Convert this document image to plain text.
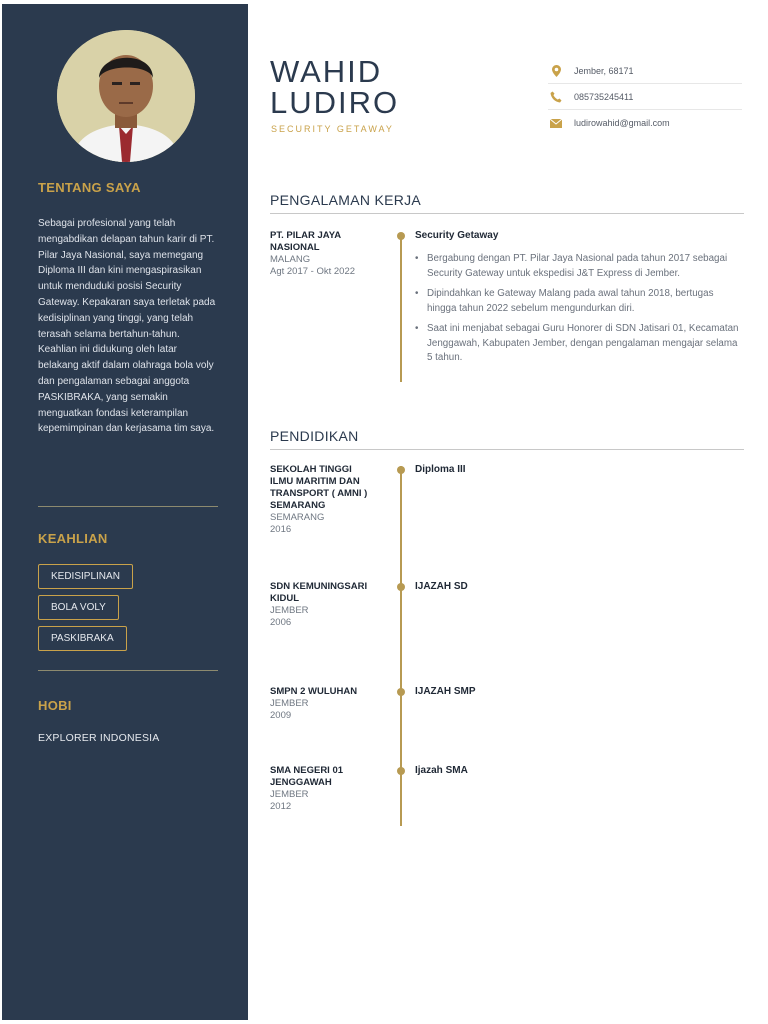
TENTANG SAYA

Sebagai profesional yang telah mengabdikan delapan tahun karir di PT. Pilar Jaya Nasional, saya memegang Diploma III dan kini mengaspirasikan untuk menduduki posisi Security Gateway. Kepakaran saya terletak pada kedisiplinan yang tinggi, yang telah terasah selama bertahun-tahun. Keahlian ini didukung oleh latar belakang aktif dalam olahraga bola voly dan pengalaman sebagai anggota PASKIBRAKA, yang semakin menguatkan fondasi keterampilan kepemimpinan dan kerjasama tim saya.

KEAHLIAN
KEDISIPLINAN
BOLA VOLY
PASKIBRAKA
HOBI
EXPLORER INDONESIA
WAHID
LUDIRO
SECURITY GETAWAY
Jember, 68171
085735245411
ludirowahid@gmail.com
PENGALAMAN KERJA
PT. PILAR JAYA NASIONAL
MALANG
Agt 2017 - Okt 2022
Security Getaway
• Bergabung dengan PT. Pilar Jaya Nasional pada tahun 2017 sebagai Security Gateway untuk ekspedisi J&T Express di Jember.
• Dipindahkan ke Gateway Malang pada awal tahun 2018, bertugas hingga tahun 2022 sebelum mengundurkan diri.
• Saat ini menjabat sebagai Guru Honorer di SDN Jatisari 01, Kecamatan Jenggawah, Kabupaten Jember, dengan pengalaman mengajar selama 5 tahun.
PENDIDIKAN
SEKOLAH TINGGI ILMU MARITIM DAN TRANSPORT ( AMNI ) SEMARANG
SEMARANG
2016
Diploma III
SDN KEMUNINGSARI KIDUL
JEMBER
2006
IJAZAH SD
SMPN 2 WULUHAN
JEMBER
2009
IJAZAH SMP
SMA NEGERI 01 JENGGAWAH
JEMBER
2012
Ijazah SMA
